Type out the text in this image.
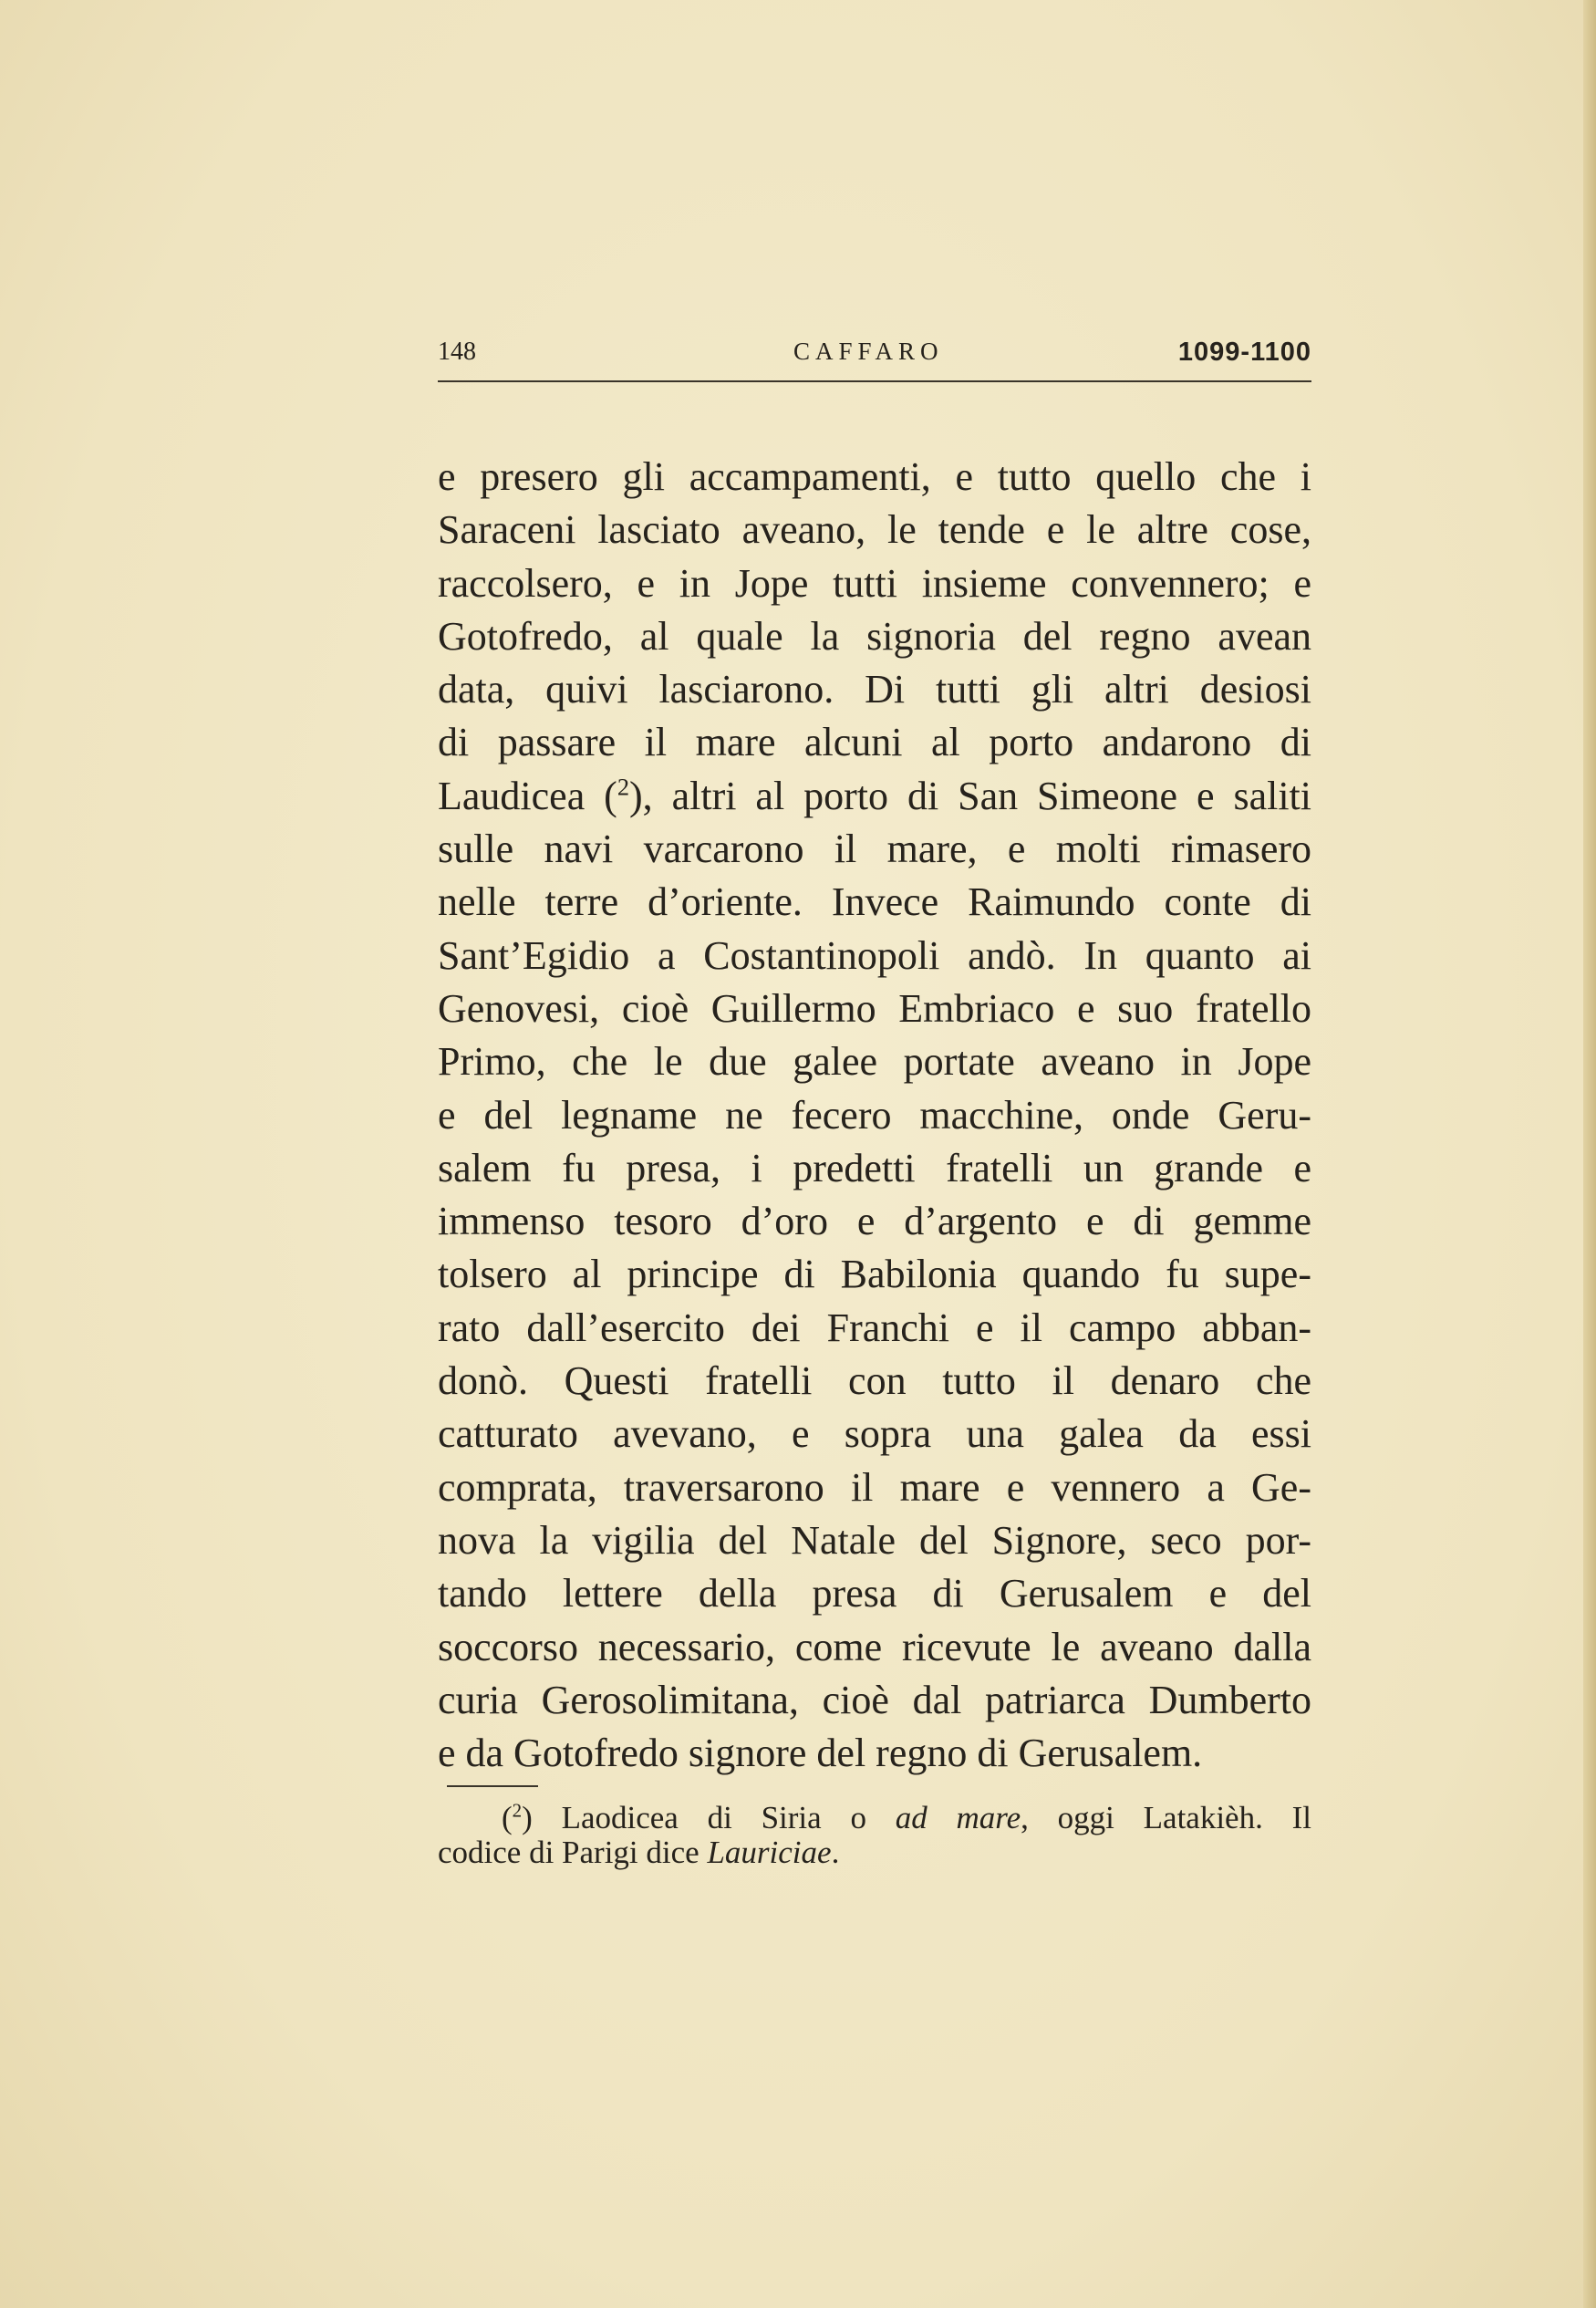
148	CAFFARO	1099-1100
e presero gli accampamenti, e tutto quello che i
Saraceni lasciato aveano, le tende e le altre cose,
raccolsero, e in Jope tutti insieme convennero; e
Gotofredo, al quale la signoria del regno avean
data, quivi lasciarono. Di tutti gli altri desiosi
di passare il mare alcuni al porto andarono di
Laudicea ($^2$), altri al porto di San Simeone e saliti
sulle navi varcarono il mare, e molti rimasero
nelle terre d’oriente. Invece Raimundo conte di
Sant’Egidio a Costantinopoli andò. In quanto ai
Genovesi, cioè Guillermo Embriaco e suo fratello
Primo, che le due galee portate aveano in Jope
e del legname ne fecero macchine, onde Geru-
salem fu presa, i predetti fratelli un grande e
immenso tesoro d’oro e d’argento e di gemme
tolsero al principe di Babilonia quando fu supe-
rato dall’esercito dei Franchi e il campo abban-
donò. Questi fratelli con tutto il denaro che
catturato avevano, e sopra una galea da essi
comprata, traversarono il mare e vennero a Ge-
nova la vigilia del Natale del Signore, seco por-
tando lettere della presa di Gerusalem e del
soccorso necessario, come ricevute le aveano dalla
curia Gerosolimitana, cioè dal patriarca Dumberto
e da Gotofredo signore del regno di Gerusalem.
($^2$) Laodicea di Siria o ad mare, oggi Latakièh. Il
codice di Parigi dice Lauriciae.
